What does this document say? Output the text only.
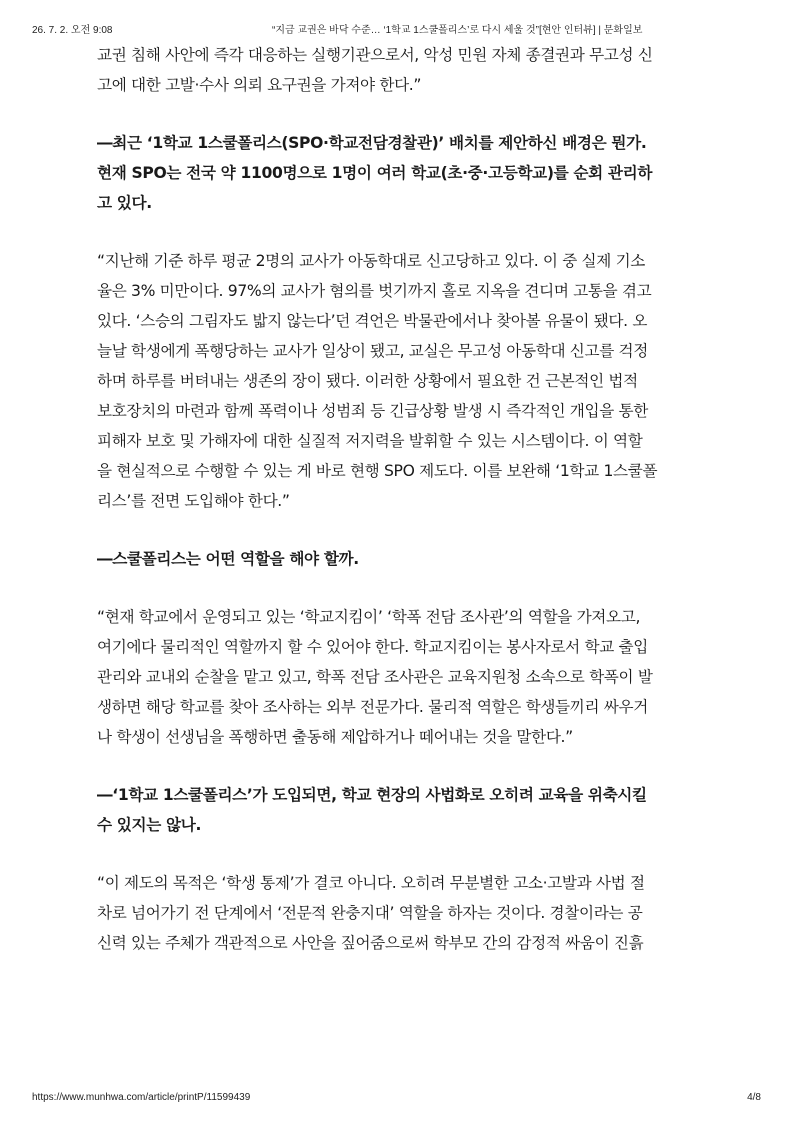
26. 7. 2. 오전 9:08	“지금 교권은 바닥 수준… ‘1학교 1스쿨폴리스’로 다시 세울 것”[현안 인터뷰] | 문화일보

교권 침해 사안에 즉각 대응하는 실행기관으로서, 악성 민원 자체 종결권과 무고성 신
고에 대한 고발·수사 의뢰 요구권을 가져야 한다.”

―최근 ‘1학교 1스쿨폴리스(SPO·학교전담경찰관)’ 배치를 제안하신 배경은 뭔가.
현재 SPO는 전국 약 1100명으로 1명이 여러 학교(초·중·고등학교)를 순회 관리하
고 있다.

“지난해 기준 하루 평균 2명의 교사가 아동학대로 신고당하고 있다. 이 중 실제 기소
율은 3% 미만이다. 97%의 교사가 혐의를 벗기까지 홀로 지옥을 견디며 고통을 겪고
있다. ‘스승의 그림자도 밟지 않는다’던 격언은 박물관에서나 찾아볼 유물이 됐다. 오
늘날 학생에게 폭행당하는 교사가 일상이 됐고, 교실은 무고성 아동학대 신고를 걱정
하며 하루를 버텨내는 생존의 장이 됐다. 이러한 상황에서 필요한 건 근본적인 법적
보호장치의 마련과 함께 폭력이나 성범죄 등 긴급상황 발생 시 즉각적인 개입을 통한
피해자 보호 및 가해자에 대한 실질적 저지력을 발휘할 수 있는 시스템이다. 이 역할
을 현실적으로 수행할 수 있는 게 바로 현행 SPO 제도다. 이를 보완해 ‘1학교 1스쿨폴
리스’를 전면 도입해야 한다.”

―스쿨폴리스는 어떤 역할을 해야 할까.

“현재 학교에서 운영되고 있는 ‘학교지킴이’ ‘학폭 전담 조사관’의 역할을 가져오고,
여기에다 물리적인 역할까지 할 수 있어야 한다. 학교지킴이는 봉사자로서 학교 출입
관리와 교내외 순찰을 맡고 있고, 학폭 전담 조사관은 교육지원청 소속으로 학폭이 발
생하면 해당 학교를 찾아 조사하는 외부 전문가다. 물리적 역할은 학생들끼리 싸우거
나 학생이 선생님을 폭행하면 출동해 제압하거나 떼어내는 것을 말한다.”

―‘1학교 1스쿨폴리스’가 도입되면, 학교 현장의 사법화로 오히려 교육을 위축시킬
수 있지는 않나.

“이 제도의 목적은 ‘학생 통제’가 결코 아니다. 오히려 무분별한 고소·고발과 사법 절
차로 넘어가기 전 단계에서 ‘전문적 완충지대’ 역할을 하자는 것이다. 경찰이라는 공
신력 있는 주체가 객관적으로 사안을 짚어줌으로써 학부모 간의 감정적 싸움이 진흙

https://www.munhwa.com/article/printP/11599439	4/8
